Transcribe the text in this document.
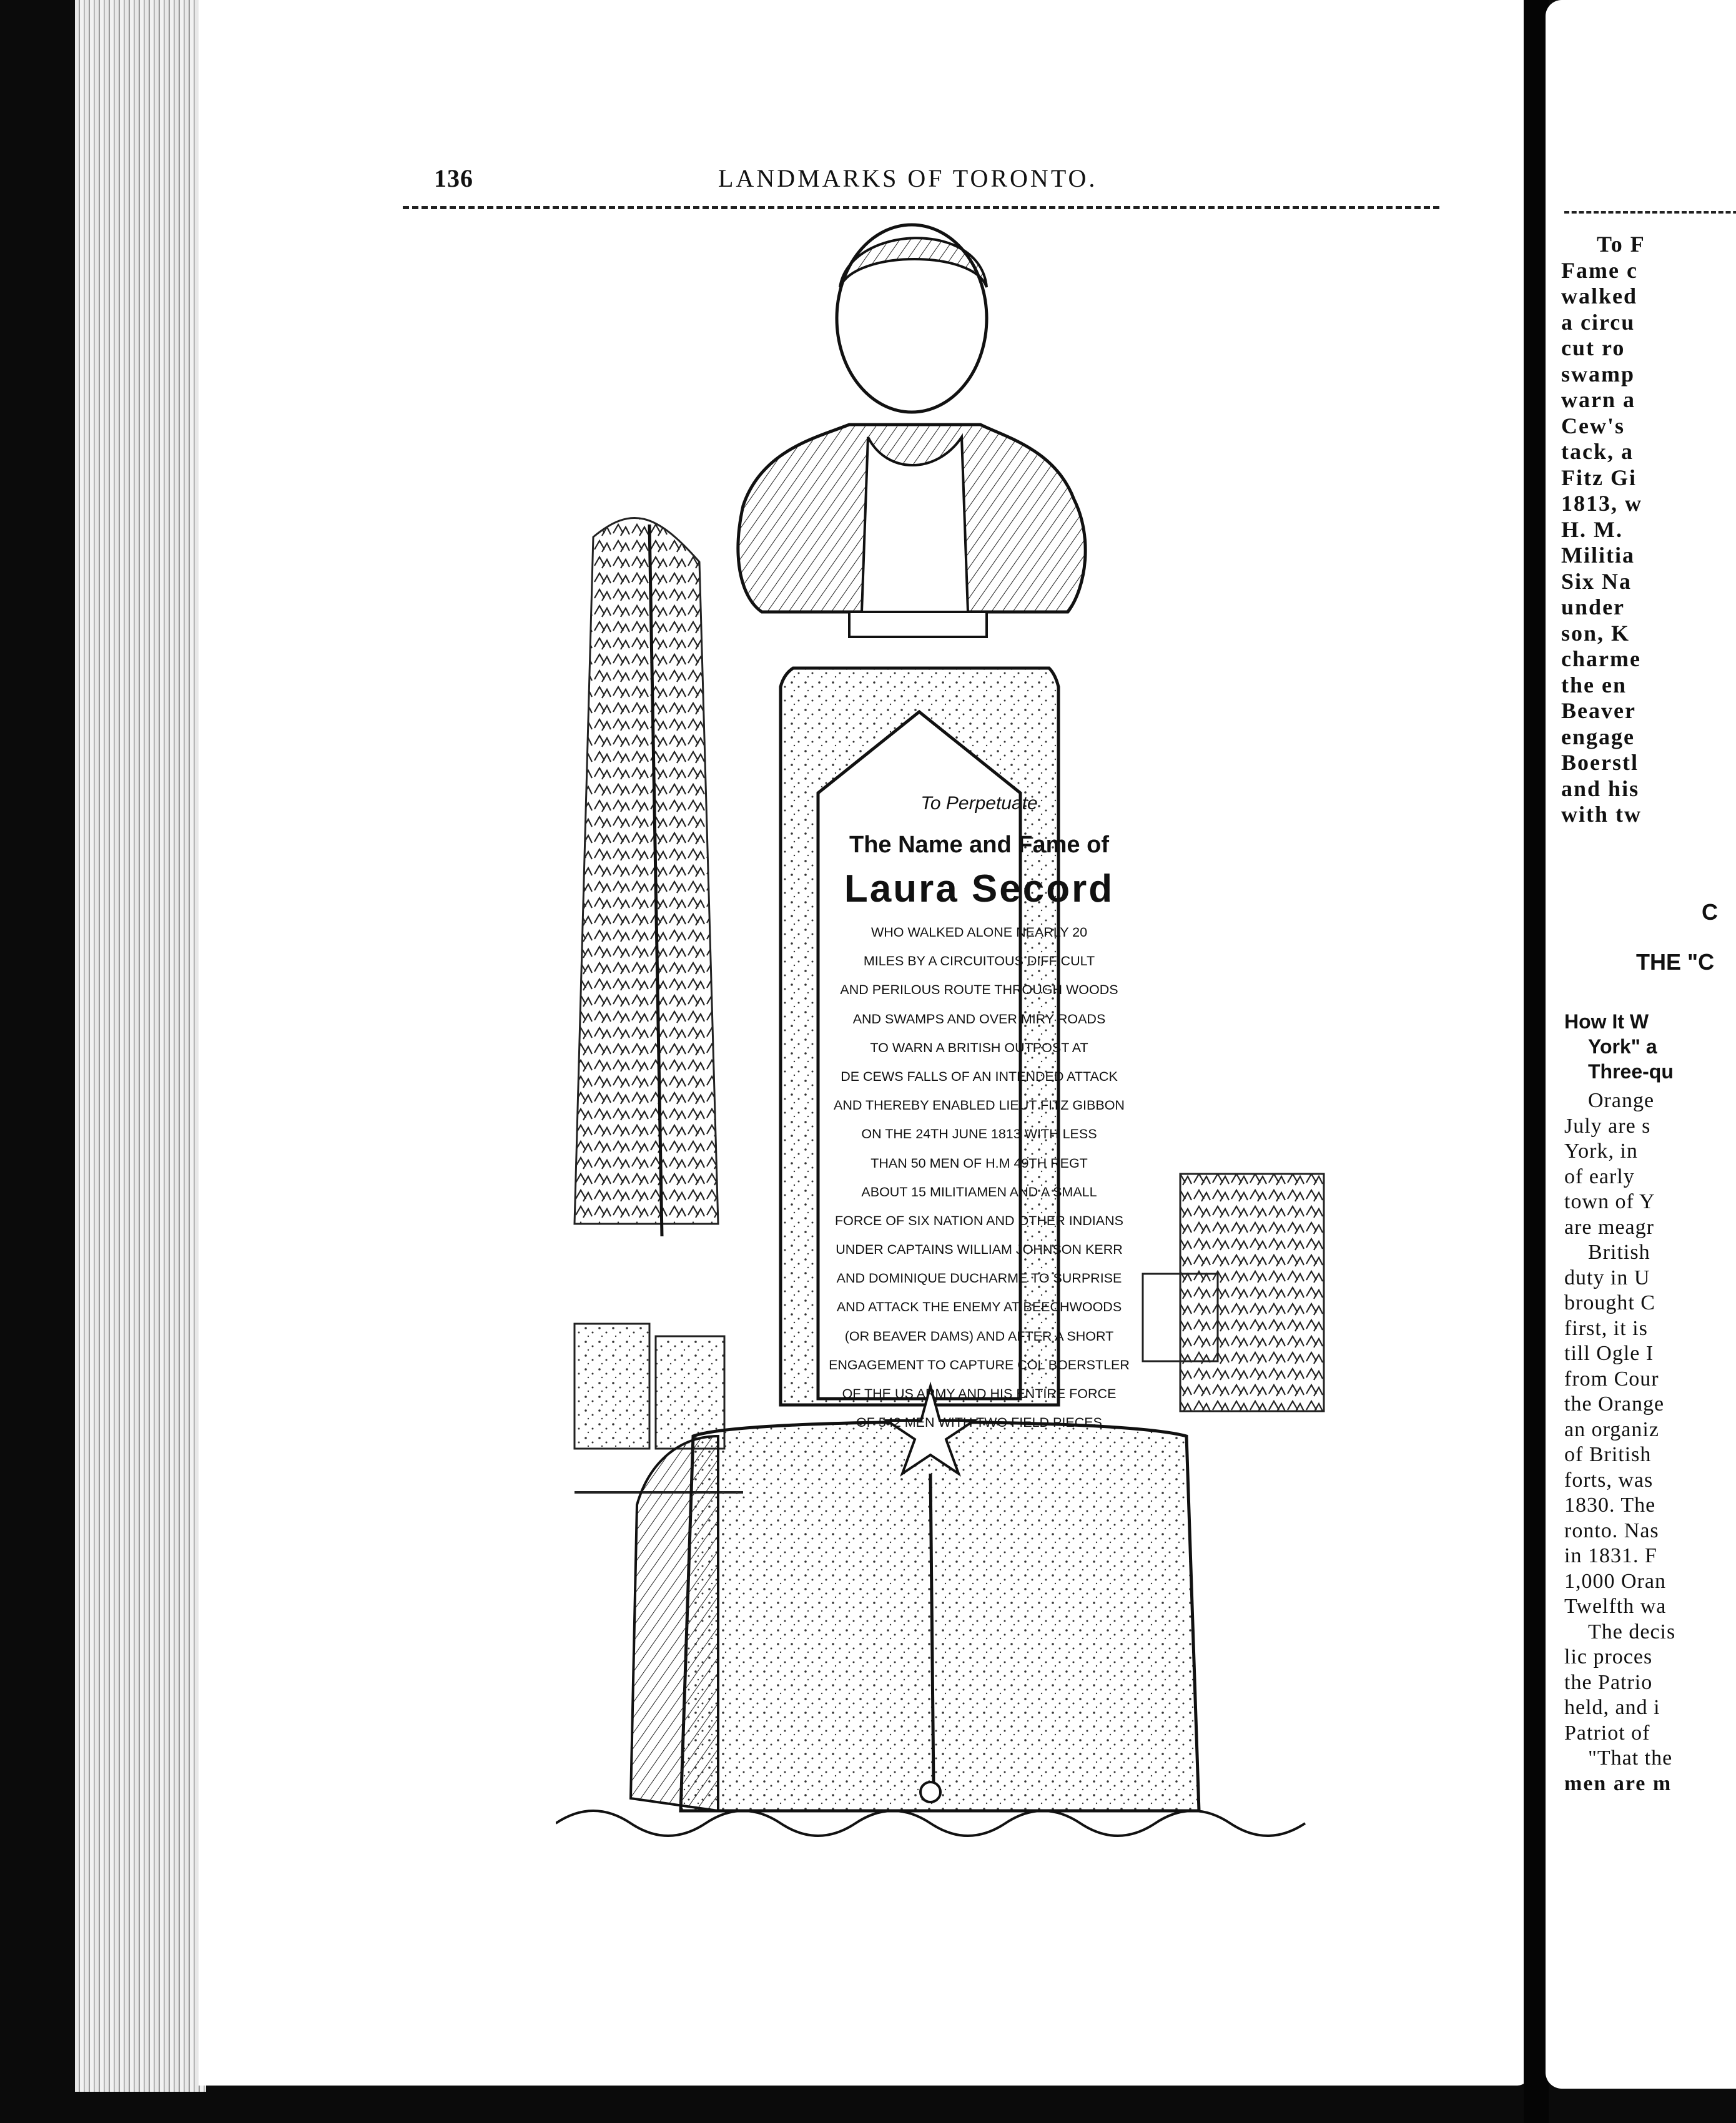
136	LANDMARKS OF TORONTO.
To Perpetuate
The Name and Fame of
Laura Secord
WHO WALKED ALONE NEARLY 20
MILES BY A CIRCUITOUS DIFFICULT
AND PERILOUS ROUTE THROUGH WOODS
AND SWAMPS AND OVER MIRY ROADS
TO WARN A BRITISH OUTPOST AT
DE CEWS FALLS OF AN INTENDED ATTACK
AND THEREBY ENABLED LIEUT FITZ GIBBON
ON THE 24TH JUNE 1813 WITH LESS
THAN 50 MEN OF H.M 49TH REGT
ABOUT 15 MILITIAMEN AND A SMALL
FORCE OF SIX NATION AND OTHER INDIANS
UNDER CAPTAINS WILLIAM JOHNSON KERR
AND DOMINIQUE DUCHARME TO SURPRISE
AND ATTACK THE ENEMY AT BEECHWOODS
(OR BEAVER DAMS) AND AFTER A SHORT
ENGAGEMENT TO CAPTURE COL BOERSTLER
OF THE US ARMY AND HIS ENTIRE FORCE
OF 542 MEN WITH TWO FIELD PIECES
To F
Fame c
walked
a circu
cut ro
swamp
warn a
Cew's
tack, a
Fitz Gi
1813, w
H. M.
Militia
Six Na
under
son, K
charme
the en
Beaver
engage
Boerstl
and his
with tw
C
THE "C
How It W
York" a
Three-qu
Orange
July are s
York, in
of early
town of Y
are meagr
British
duty in U
brought C
first, it is
till Ogle I
from Cour
the Orange
an organiz
of British
forts, was
1830. The
ronto. Nas
in 1831. F
1,000 Oran
Twelfth wa
The decis
lic proces
the Patrio
held, and i
Patriot of
"That the
men are m
